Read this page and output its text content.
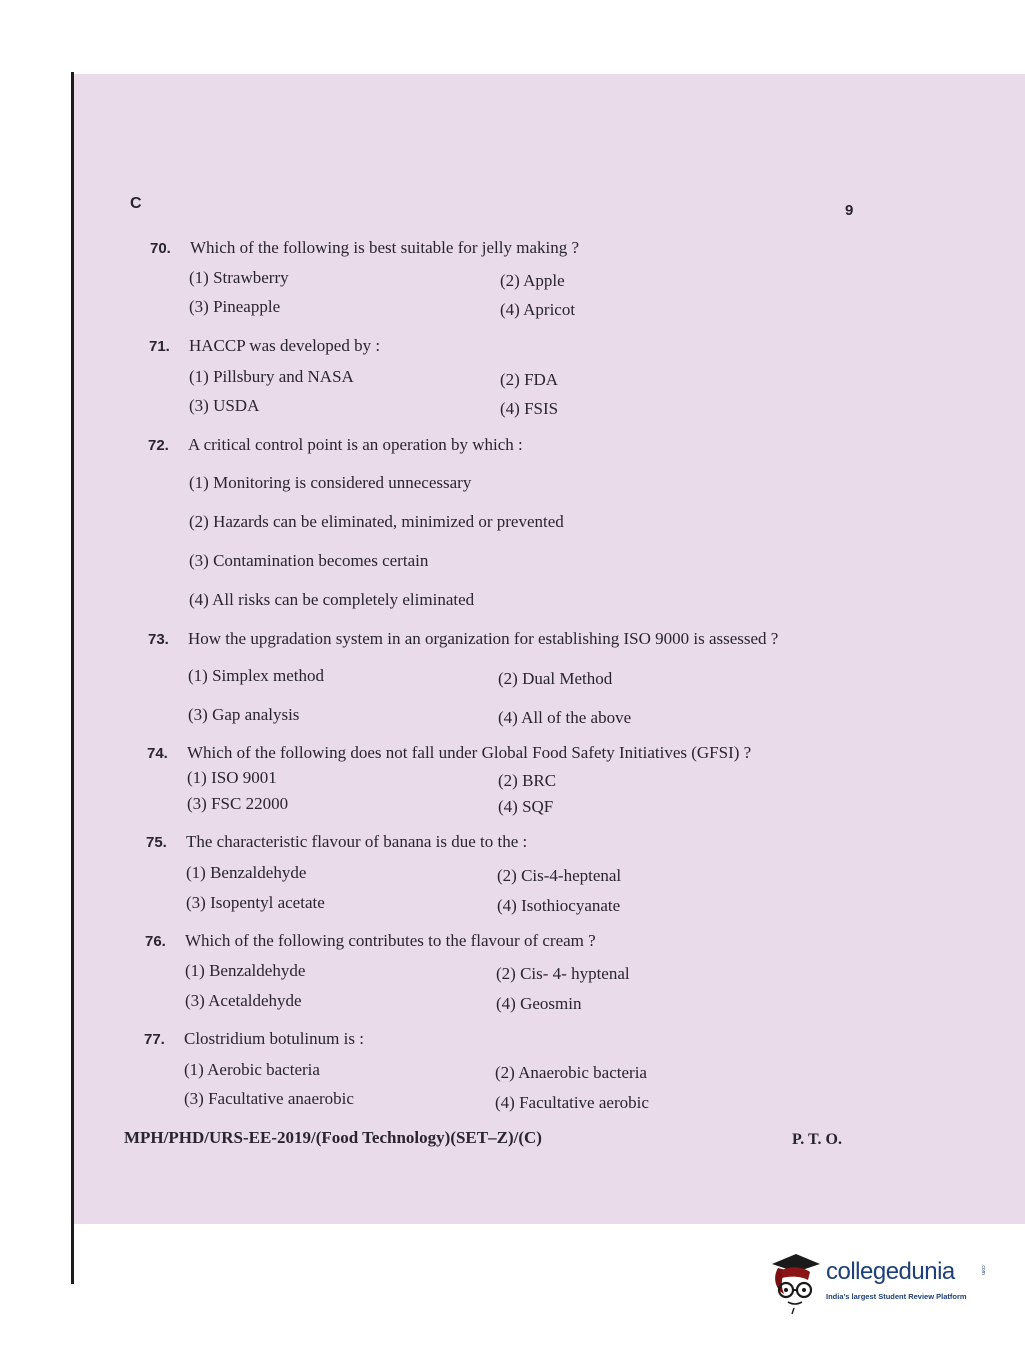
C	9
70. Which of the following is best suitable for jelly making ?
(1) Strawberry	(2) Apple
(3) Pineapple	(4) Apricot
71. HACCP was developed by :
(1) Pillsbury and NASA	(2) FDA
(3) USDA	(4) FSIS
72. A critical control point is an operation by which :
(1) Monitoring is considered unnecessary
(2) Hazards can be eliminated, minimized or prevented
(3) Contamination becomes certain
(4) All risks can be completely eliminated
73. How the upgradation system in an organization for establishing ISO 9000 is assessed ?
(1) Simplex method	(2) Dual Method
(3) Gap analysis	(4) All of the above
74. Which of the following does not fall under Global Food Safety Initiatives (GFSI) ?
(1) ISO 9001	(2) BRC
(3) FSC 22000	(4) SQF
75. The characteristic flavour of banana is due to the :
(1) Benzaldehyde	(2) Cis-4-heptenal
(3) Isopentyl acetate	(4) Isothiocyanate
76. Which of the following contributes to the flavour of cream ?
(1) Benzaldehyde	(2) Cis- 4- hyptenal
(3) Acetaldehyde	(4) Geosmin
77. Clostridium botulinum is :
(1) Aerobic bacteria	(2) Anaerobic bacteria
(3) Facultative anaerobic	(4) Facultative aerobic
MPH/PHD/URS-EE-2019/(Food Technology)(SET–Z)/(C)	P. T. O.
collegedunia	.com
India's largest Student Review Platform
